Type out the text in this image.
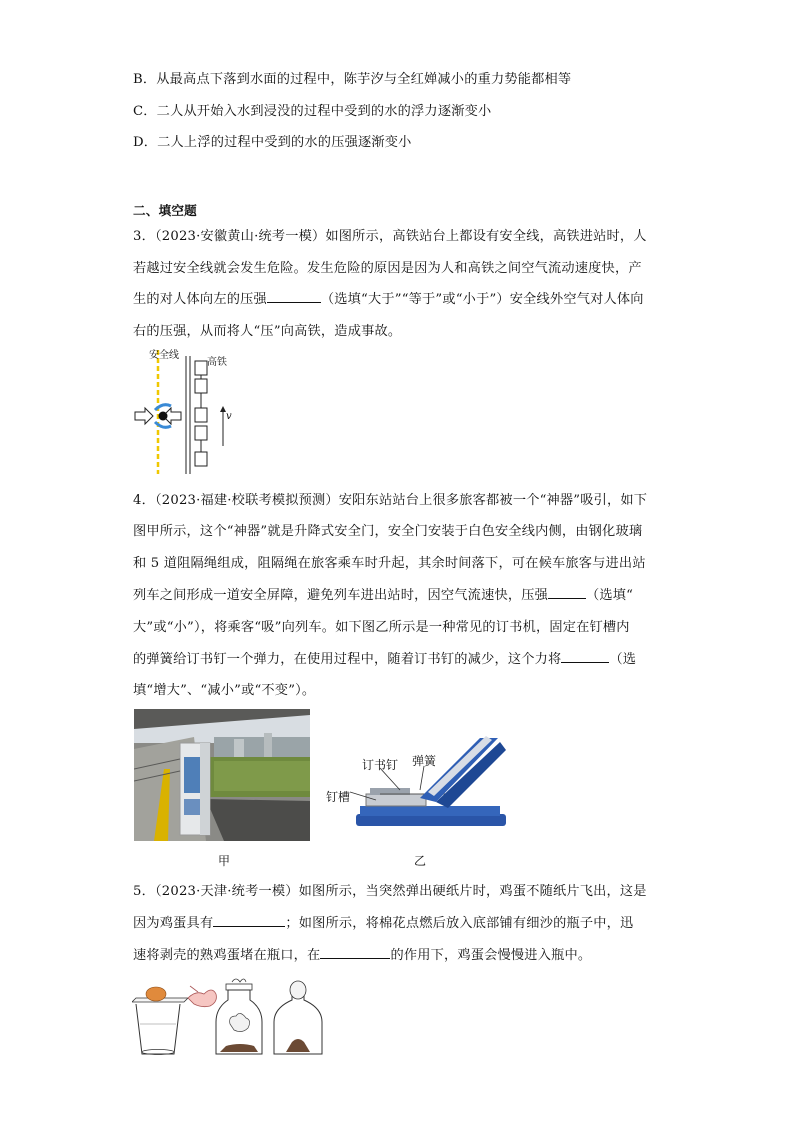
B．从最高点下落到水面的过程中，陈芋汐与全红婵减小的重力势能都相等
C．二人从开始入水到浸没的过程中受到的水的浮力逐渐变小
D．二人上浮的过程中受到的水的压强逐渐变小
二、填空题
3．（2023·安徽黄山·统考一模）如图所示，高铁站台上都设有安全线，高铁进站时，人
若越过安全线就会发生危险。发生危险的原因是因为人和高铁之间空气流动速度快，产
生的对人体向左的压强	（选填“大于”“等于”或“小于”）安全线外空气对人体向
右的压强，从而将人“压”向高铁，造成事故。
安全线
高铁
v
4．（2023·福建·校联考模拟预测）安阳东站站台上很多旅客都被一个“神器”吸引，如下
图甲所示，这个“神器”就是升降式安全门，安全门安装于白色安全线内侧，由钢化玻璃
和 5 道阻隔绳组成，阻隔绳在旅客乘车时升起，其余时间落下，可在候车旅客与进出站
列车之间形成一道安全屏障，避免列车进出站时，因空气流速快，压强	（选填“
大”或“小”），将乘客“吸”向列车。如下图乙所示是一种常见的订书机，固定在钉槽内
的弹簧给订书钉一个弹力，在使用过程中，随着订书钉的减少，这个力将	（选
填“增大”、“减小”或“不变”）。
订书钉 弹簧
钉槽
甲	乙
5．（2023·天津·统考一模）如图所示，当突然弹出硬纸片时，鸡蛋不随纸片飞出，这是
因为鸡蛋具有	；如图所示，将棉花点燃后放入底部铺有细沙的瓶子中，迅
速将剥壳的熟鸡蛋堵在瓶口，在	的作用下，鸡蛋会慢慢进入瓶中。
